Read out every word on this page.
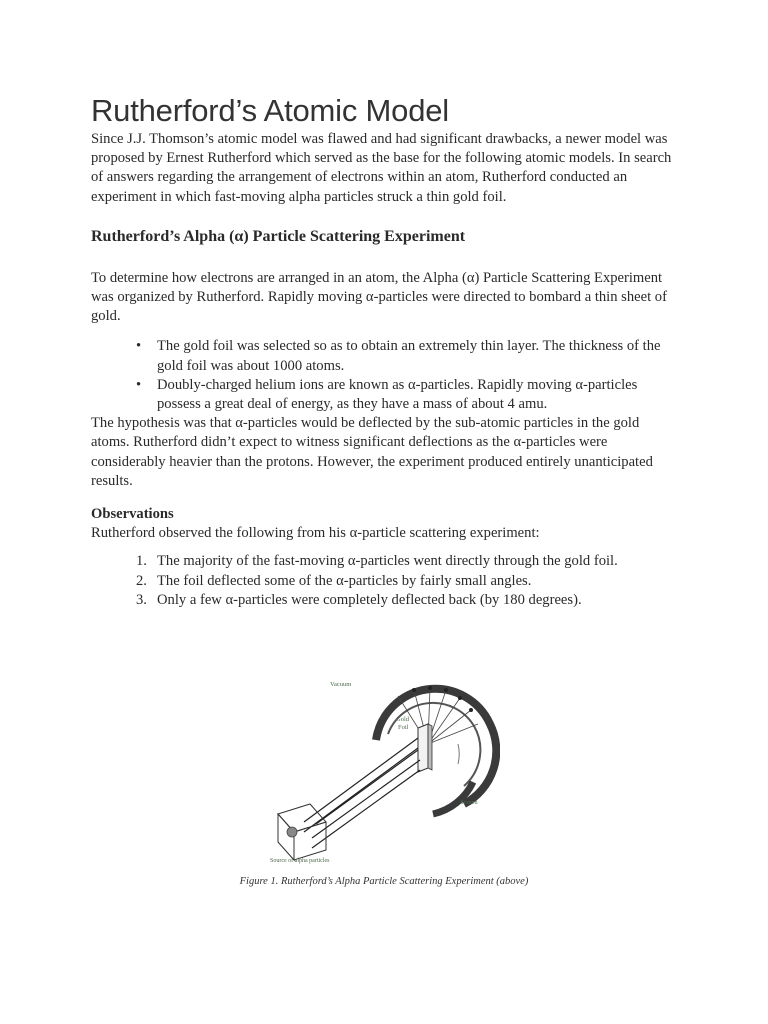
Rutherford’s Atomic Model

Since J.J. Thomson’s atomic model was flawed and had significant drawbacks, a newer model was proposed by Ernest Rutherford which served as the base for the following atomic models. In search of answers regarding the arrangement of electrons within an atom, Rutherford conducted an experiment in which fast-moving alpha particles struck a thin gold foil.

Rutherford’s Alpha (α) Particle Scattering Experiment

To determine how electrons are arranged in an atom, the Alpha (α) Particle Scattering Experiment was organized by Rutherford. Rapidly moving α-particles were directed to bombard a thin sheet of gold.

• The gold foil was selected so as to obtain an extremely thin layer. The thickness of the gold foil was about 1000 atoms.
• Doubly-charged helium ions are known as α-particles. Rapidly moving α-particles possess a great deal of energy, as they have a mass of about 4 amu.

The hypothesis was that α-particles would be deflected by the sub-atomic particles in the gold atoms. Rutherford didn’t expect to witness significant deflections as the α-particles were considerably heavier than the protons. However, the experiment produced entirely unanticipated results.

Observations

Rutherford observed the following from his α-particle scattering experiment:

1. The majority of the fast-moving α-particles went directly through the gold foil.
2. The foil deflected some of the α-particles by fairly small angles.
3. Only a few α-particles were completely deflected back (by 180 degrees).
Vacuum
Gold
Foil
Screen
Source of alpha particles
Figure 1. Rutherford’s Alpha Particle Scattering Experiment (above)
